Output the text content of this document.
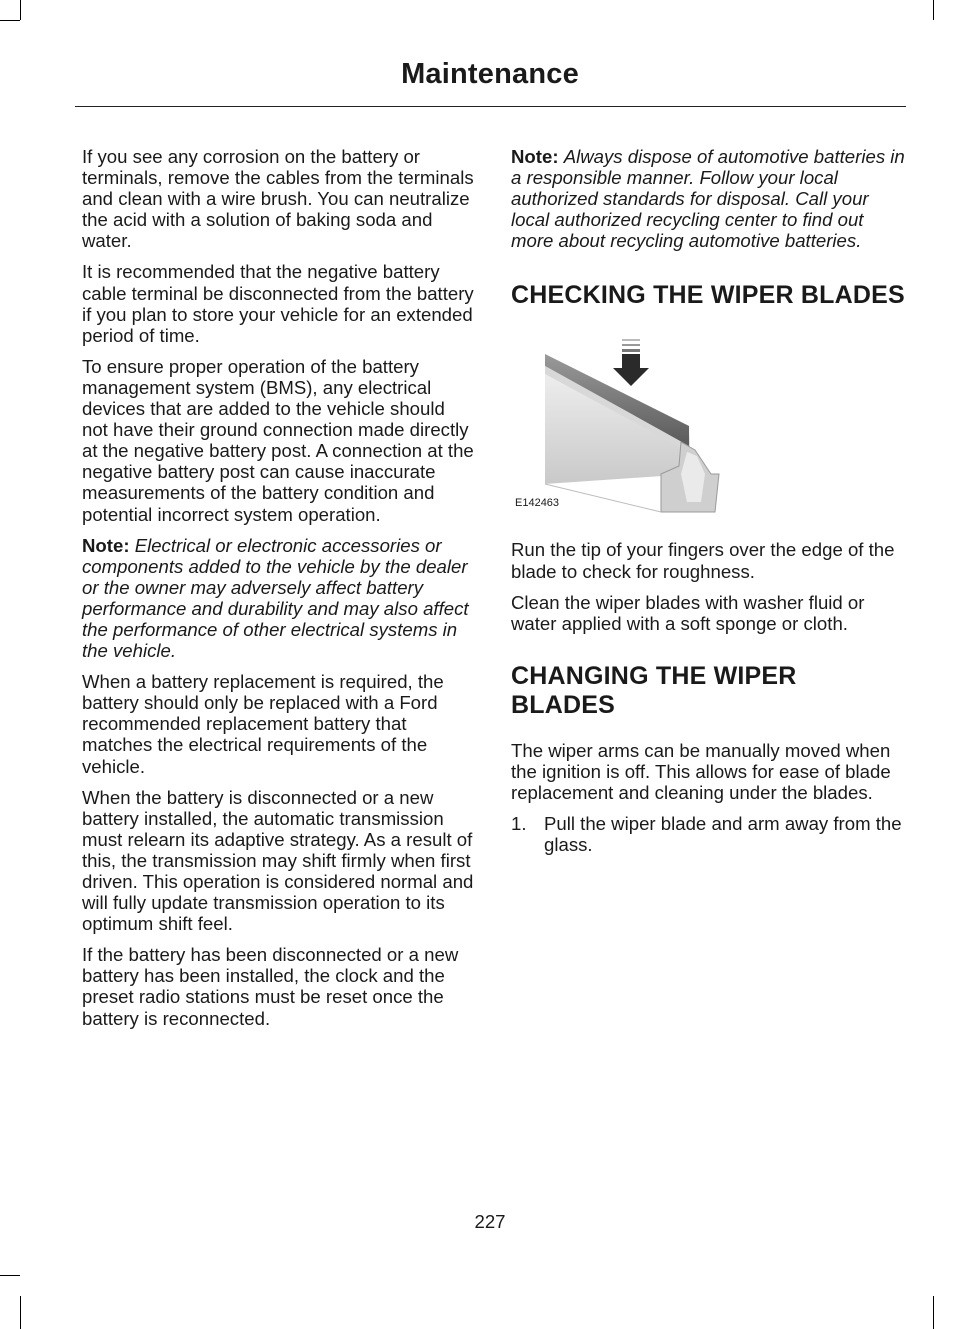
Maintenance

If you see any corrosion on the battery or terminals, remove the cables from the terminals and clean with a wire brush. You can neutralize the acid with a solution of baking soda and water.

It is recommended that the negative battery cable terminal be disconnected from the battery if you plan to store your vehicle for an extended period of time.

To ensure proper operation of the battery management system (BMS), any electrical devices that are added to the vehicle should not have their ground connection made directly at the negative battery post. A connection at the negative battery post can cause inaccurate measurements of the battery condition and potential incorrect system operation.

Note: Electrical or electronic accessories or components added to the vehicle by the dealer or the owner may adversely affect battery performance and durability and may also affect the performance of other electrical systems in the vehicle.

When a battery replacement is required, the battery should only be replaced with a Ford recommended replacement battery that matches the electrical requirements of the vehicle.

When the battery is disconnected or a new battery installed, the automatic transmission must relearn its adaptive strategy. As a result of this, the transmission may shift firmly when first driven. This operation is considered normal and will fully update transmission operation to its optimum shift feel.

If the battery has been disconnected or a new battery has been installed, the clock and the preset radio stations must be reset once the battery is reconnected.

Note: Always dispose of automotive batteries in a responsible manner. Follow your local authorized standards for disposal. Call your local authorized recycling center to find out more about recycling automotive batteries.

CHECKING THE WIPER BLADES
E142463

Run the tip of your fingers over the edge of the blade to check for roughness.

Clean the wiper blades with washer fluid or water applied with a soft sponge or cloth.

CHANGING THE WIPER BLADES

The wiper arms can be manually moved when the ignition is off. This allows for ease of blade replacement and cleaning under the blades.

1. Pull the wiper blade and arm away from the glass.
227
